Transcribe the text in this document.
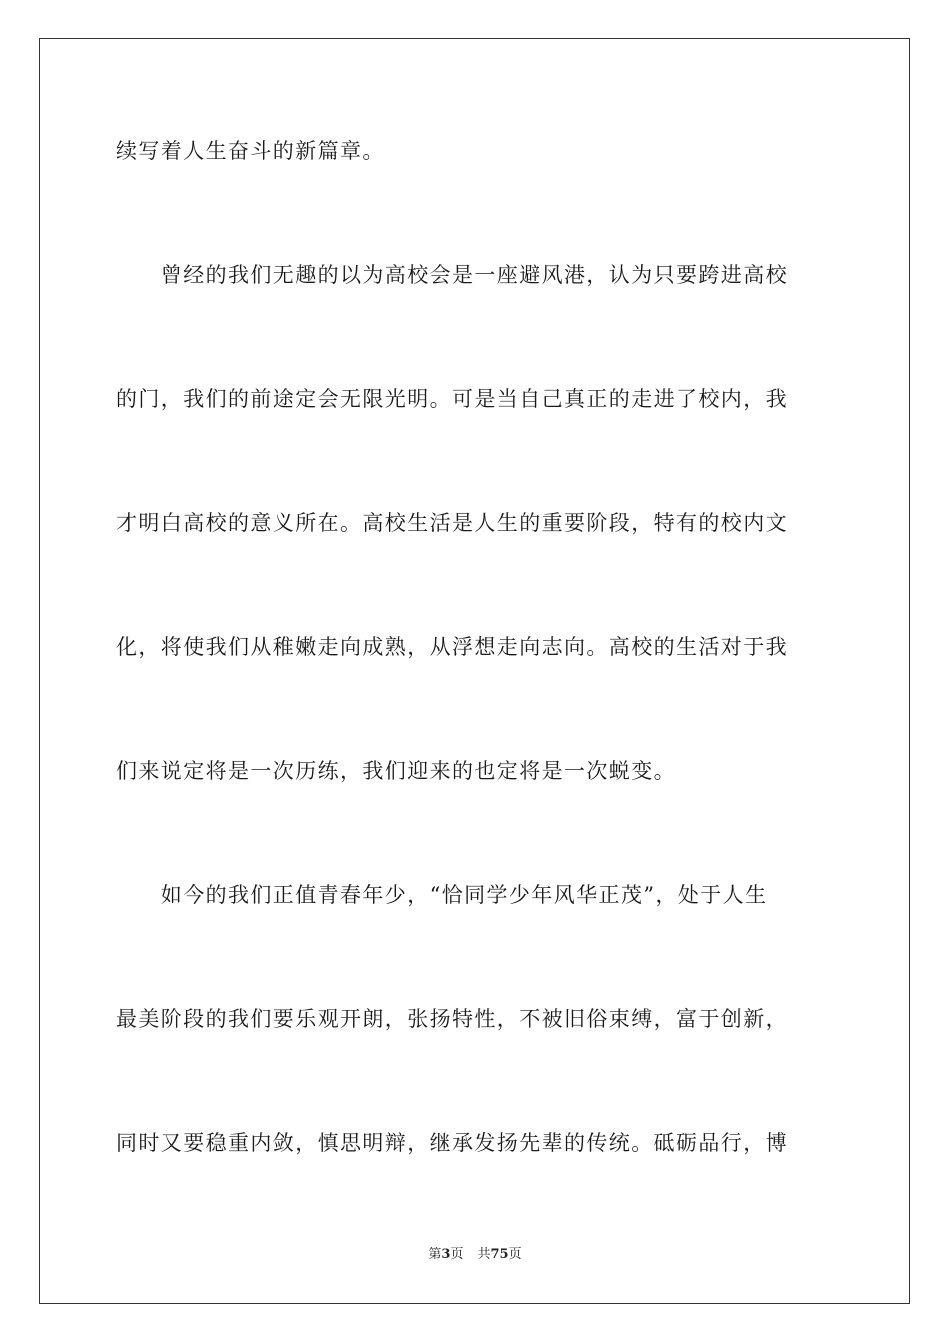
续写着人生奋斗的新篇章。
　　曾经的我们无趣的以为高校会是一座避风港，认为只要跨进高校
的门，我们的前途定会无限光明。可是当自己真正的走进了校内，我
才明白高校的意义所在。高校生活是人生的重要阶段，特有的校内文
化，将使我们从稚嫩走向成熟，从浮想走向志向。高校的生活对于我
们来说定将是一次历练，我们迎来的也定将是一次蜕变。
　　如今的我们正值青春年少，“恰同学少年风华正茂”，处于人生
最美阶段的我们要乐观开朗，张扬特性，不被旧俗束缚，富于创新，
同时又要稳重内敛，慎思明辩，继承发扬先辈的传统。砥砺品行，博
第3页 共75页
